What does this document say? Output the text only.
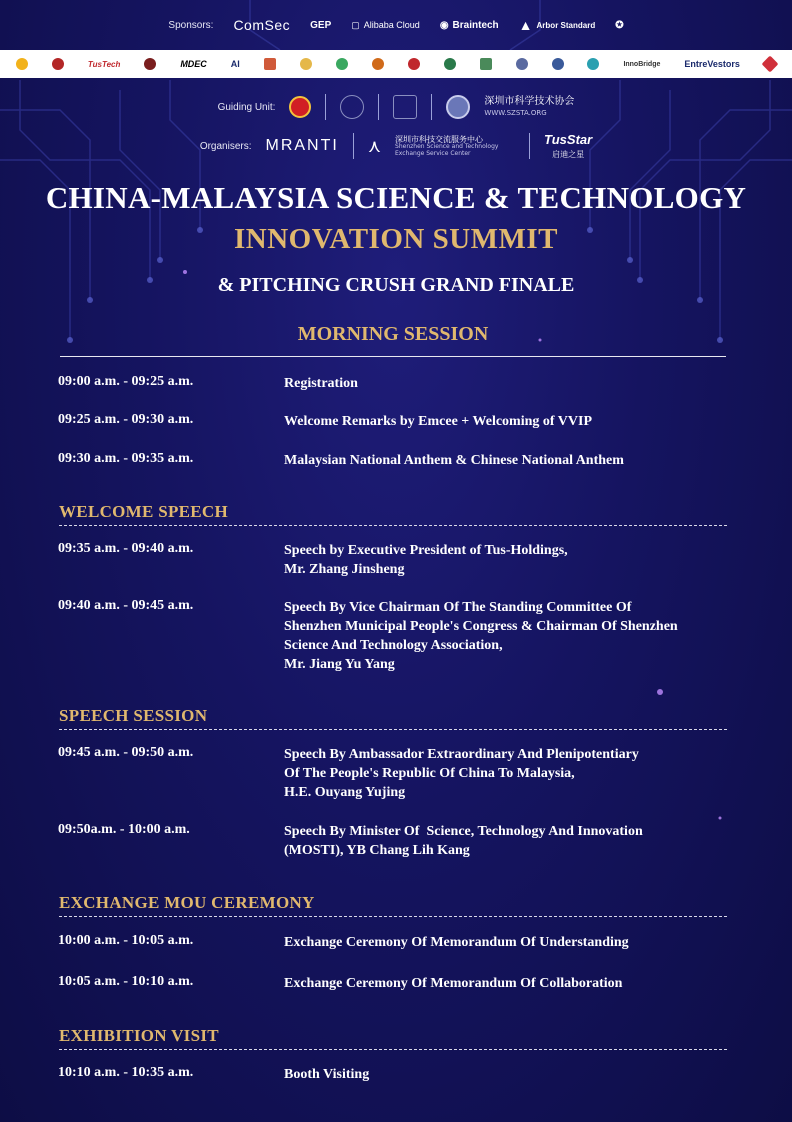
Sponsors: ComSec GEP ▢ Alibaba Cloud ◉ Braintech ▲ Arbor Standard ✪
TusTech	MDEC	AI	InnoBridge	EntreVestors
Guiding Unit:	深圳市科学技术协会
WWW.SZSTA.ORG
Organisers: MRANTI ⋏ 深圳市科技交流服务中心
Shenzhen Science and Technology Exchange Service Center
TusStar
启迪之星
CHINA-MALAYSIA SCIENCE & TECHNOLOGY
INNOVATION SUMMIT
& PITCHING CRUSH GRAND FINALE
MORNING SESSION
09:00 a.m. - 09:25 a.m.	Registration
09:25 a.m. - 09:30 a.m.	Welcome Remarks by Emcee + Welcoming of VVIP
09:30 a.m. - 09:35 a.m.	Malaysian National Anthem & Chinese National Anthem
WELCOME SPEECH
09:35 a.m. - 09:40 a.m.	Speech by Executive President of Tus-Holdings,
Mr. Zhang Jinsheng
09:40 a.m. - 09:45 a.m.	Speech By Vice Chairman Of The Standing Committee Of
Shenzhen Municipal People's Congress & Chairman Of Shenzhen
Science And Technology Association,
Mr. Jiang Yu Yang
SPEECH SESSION
09:45 a.m. - 09:50 a.m.	Speech By Ambassador Extraordinary And Plenipotentiary
Of The People's Republic Of China To Malaysia,
H.E. Ouyang Yujing
09:50a.m. - 10:00 a.m.	Speech By Minister Of  Science, Technology And Innovation
(MOSTI), YB Chang Lih Kang
EXCHANGE MOU CEREMONY
10:00 a.m. - 10:05 a.m.	Exchange Ceremony Of Memorandum Of Understanding
10:05 a.m. - 10:10 a.m.	Exchange Ceremony Of Memorandum Of Collaboration
EXHIBITION VISIT
10:10 a.m. - 10:35 a.m.	Booth Visiting
